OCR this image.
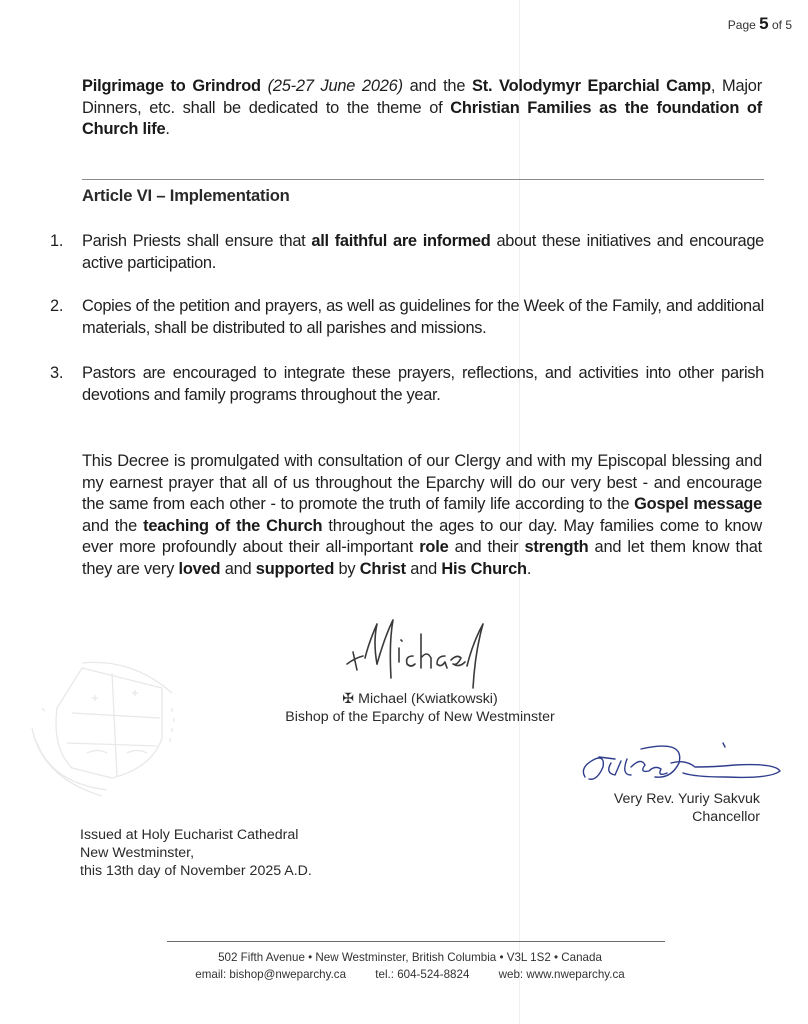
Page 5 of 5

Pilgrimage to Grindrod (25-27 June 2026) and the St. Volodymyr Eparchial Camp, Major Dinners, etc. shall be dedicated to the theme of Christian Families as the foundation of Church life.

Article VI – Implementation
1. Parish Priests shall ensure that all faithful are informed about these initiatives and encourage active participation.
2. Copies of the petition and prayers, as well as guidelines for the Week of the Family, and additional materials, shall be distributed to all parishes and missions.
3. Pastors are encouraged to integrate these prayers, reflections, and activities into other parish devotions and family programs throughout the year.

This Decree is promulgated with consultation of our Clergy and with my Episcopal blessing and my earnest prayer that all of us throughout the Eparchy will do our very best - and encourage the same from each other - to promote the truth of family life according to the Gospel message and the teaching of the Church throughout the ages to our day. May families come to know ever more profoundly about their all-important role and their strength and let them know that they are very loved and supported by Christ and His Church.

✠ Michael (Kwiatkowski)
Bishop of the Eparchy of New Westminster
Very Rev. Yuriy Sakvuk
Chancellor
Issued at Holy Eucharist Cathedral
New Westminster,
this 13th day of November 2025 A.D.
502 Fifth Avenue • New Westminster, British Columbia • V3L 1S2 • Canada
email: bishop@nweparchy.ca	tel.: 604-524-8824	web: www.nweparchy.ca
